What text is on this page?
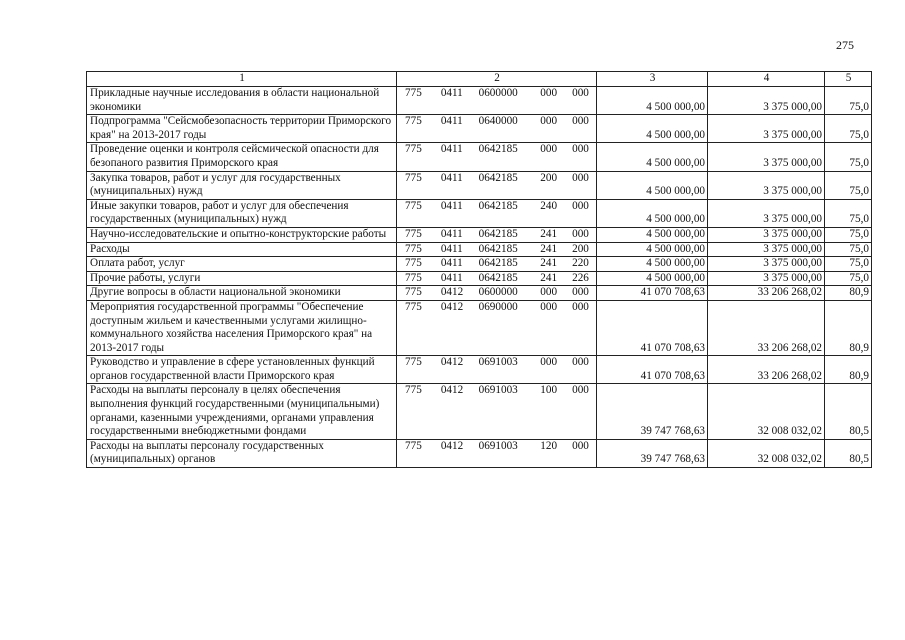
275
1	2	3	4	5
Прикладные научные исследования в области национальной экономики	775 0411 0600000 000 000	4 500 000,00	3 375 000,00	75,0
Подпрограмма "Сейсмобезопасность территории Приморского края" на 2013-2017 годы	775 0411 0640000 000 000	4 500 000,00	3 375 000,00	75,0
Проведение оценки и контроля сейсмической опасности для безопаного развития Приморского края	775 0411 0642185 000 000	4 500 000,00	3 375 000,00	75,0
Закупка товаров, работ и услуг для государственных (муниципальных) нужд	775 0411 0642185 200 000	4 500 000,00	3 375 000,00	75,0
Иные закупки товаров, работ и услуг для обеспечения государственных (муниципальных) нужд	775 0411 0642185 240 000	4 500 000,00	3 375 000,00	75,0
Научно-исследовательские и опытно-конструкторские работы	775 0411 0642185 241 000	4 500 000,00	3 375 000,00	75,0
Расходы	775 0411 0642185 241 200	4 500 000,00	3 375 000,00	75,0
Оплата работ, услуг	775 0411 0642185 241 220	4 500 000,00	3 375 000,00	75,0
Прочие работы, услуги	775 0411 0642185 241 226	4 500 000,00	3 375 000,00	75,0
Другие вопросы в области национальной экономики	775 0412 0600000 000 000	41 070 708,63	33 206 268,02	80,9
Мероприятия государственной программы "Обеспечение доступным жильем и качественными услугами жилищно-коммунального хозяйства населения Приморского края" на 2013-2017 годы	775 0412 0690000 000 000	41 070 708,63	33 206 268,02	80,9
Руководство и управление в сфере установленных функций органов государственной власти Приморского края	775 0412 0691003 000 000	41 070 708,63	33 206 268,02	80,9
Расходы на выплаты персоналу в целях обеспечения выполнения функций государственными (муниципальными) органами, казенными учреждениями, органами управления государственными внебюджетными фондами	775 0412 0691003 100 000	39 747 768,63	32 008 032,02	80,5
Расходы на выплаты персоналу государственных (муниципальных) органов	775 0412 0691003 120 000	39 747 768,63	32 008 032,02	80,5
